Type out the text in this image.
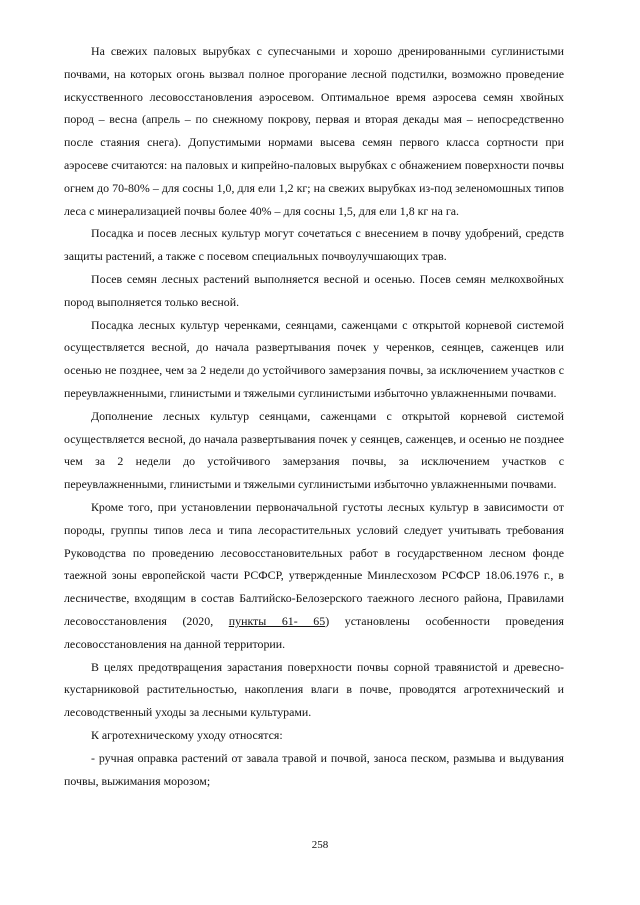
На свежих паловых вырубках с супесчаными и хорошо дренированными суглинистыми почвами, на которых огонь вызвал полное прогорание лесной подстилки, возможно проведение искусственного лесовосстановления аэросевом. Оптимальное время аэросева семян хвойных пород – весна (апрель – по снежному покрову, первая и вторая декады мая – непосредственно после стаяния снега). Допустимыми нормами высева семян первого класса сортности при аэросеве считаются: на паловых и кипрейно-паловых вырубках с обнажением поверхности почвы огнем до 70-80% – для сосны 1,0, для ели 1,2 кг; на свежих вырубках из-под зеленомошных типов леса с минерализацией почвы более 40% – для сосны 1,5, для ели 1,8 кг на га.

Посадка и посев лесных культур могут сочетаться с внесением в почву удобрений, средств защиты растений, а также с посевом специальных почвоулучшающих трав.

Посев семян лесных растений выполняется весной и осенью. Посев семян мелкохвойных пород выполняется только весной.

Посадка лесных культур черенками, сеянцами, саженцами с открытой корневой системой осуществляется весной, до начала развертывания почек у черенков, сеянцев, саженцев или осенью не позднее, чем за 2 недели до устойчивого замерзания почвы, за исключением участков с переувлажненными, глинистыми и тяжелыми суглинистыми избыточно увлажненными почвами.

Дополнение лесных культур сеянцами, саженцами с открытой корневой системой осуществляется весной, до начала развертывания почек у сеянцев, саженцев, и осенью не позднее чем за 2 недели до устойчивого замерзания почвы, за исключением участков с переувлажненными, глинистыми и тяжелыми суглинистыми избыточно увлажненными почвами.

Кроме того, при установлении первоначальной густоты лесных культур в зависимости от породы, группы типов леса и типа лесорастительных условий следует учитывать требования Руководства по проведению лесовосстановительных работ в государственном лесном фонде таежной зоны европейской части РСФСР, утвержденные Минлесхозом РСФСР 18.06.1976 г., в лесничестве, входящим в состав Балтийско-Белозерского таежного лесного района, Правилами лесовосстановления (2020, пункты 61- 65) установлены особенности проведения лесовосстановления на данной территории.

В целях предотвращения зарастания поверхности почвы сорной травянистой и древесно-кустарниковой растительностью, накопления влаги в почве, проводятся агротехнический и лесоводственный уходы за лесными культурами.

К агротехническому уходу относятся:

- ручная оправка растений от завала травой и почвой, заноса песком, размыва и выдувания почвы, выжимания морозом;

258
